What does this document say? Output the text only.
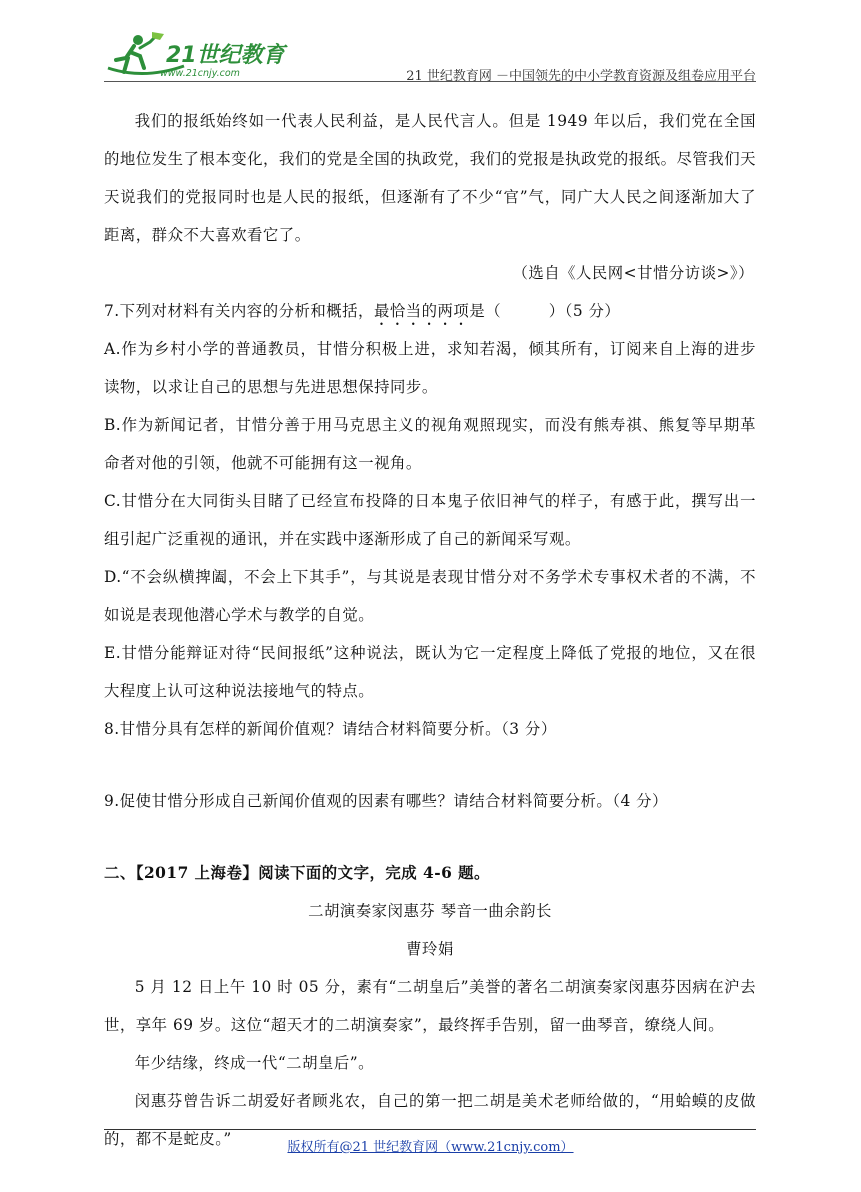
21世纪教育
www.21cnjy.com	21 世纪教育网 －中国领先的中小学教育资源及组卷应用平台

我们的报纸始终如一代表人民利益，是人民代言人。但是 1949 年以后，我们党在全国的地位发生了根本变化，我们的党是全国的执政党，我们的党报是执政党的报纸。尽管我们天天说我们的党报同时也是人民的报纸，但逐渐有了不少“官”气，同广大人民之间逐渐加大了距离，群众不大喜欢看它了。

（选自《人民网<甘惜分访谈>》）

7.下列对材料有关内容的分析和概括，最恰当的两项是（　　　）（5 分）

A.作为乡村小学的普通教员，甘惜分积极上进，求知若渴，倾其所有，订阅来自上海的进步读物，以求让自己的思想与先进思想保持同步。

B.作为新闻记者，甘惜分善于用马克思主义的视角观照现实，而没有熊寿祺、熊复等早期革命者对他的引领，他就不可能拥有这一视角。

C.甘惜分在大同街头目睹了已经宣布投降的日本鬼子依旧神气的样子，有感于此，撰写出一组引起广泛重视的通讯，并在实践中逐渐形成了自己的新闻采写观。

D.“不会纵横捭阖，不会上下其手”，与其说是表现甘惜分对不务学术专事权术者的不满，不如说是表现他潜心学术与教学的自觉。

E.甘惜分能辩证对待“民间报纸”这种说法，既认为它一定程度上降低了党报的地位，又在很大程度上认可这种说法接地气的特点。

8.甘惜分具有怎样的新闻价值观？请结合材料简要分析。（3 分）

9.促使甘惜分形成自己新闻价值观的因素有哪些？请结合材料简要分析。（4 分）

二、【2017 上海卷】阅读下面的文字，完成 4-6 题。

二胡演奏家闵惠芬 琴音一曲余韵长

曹玲娟

5 月 12 日上午 10 时 05 分，素有“二胡皇后”美誉的著名二胡演奏家闵惠芬因病在沪去世，享年 69 岁。这位“超天才的二胡演奏家”，最终挥手告别，留一曲琴音，缭绕人间。

年少结缘，终成一代“二胡皇后”。

闵惠芬曾告诉二胡爱好者顾兆农，自己的第一把二胡是美术老师给做的，“用蛤蟆的皮做的，都不是蛇皮。”	版权所有@21 世纪教育网（www.21cnjy.com）
